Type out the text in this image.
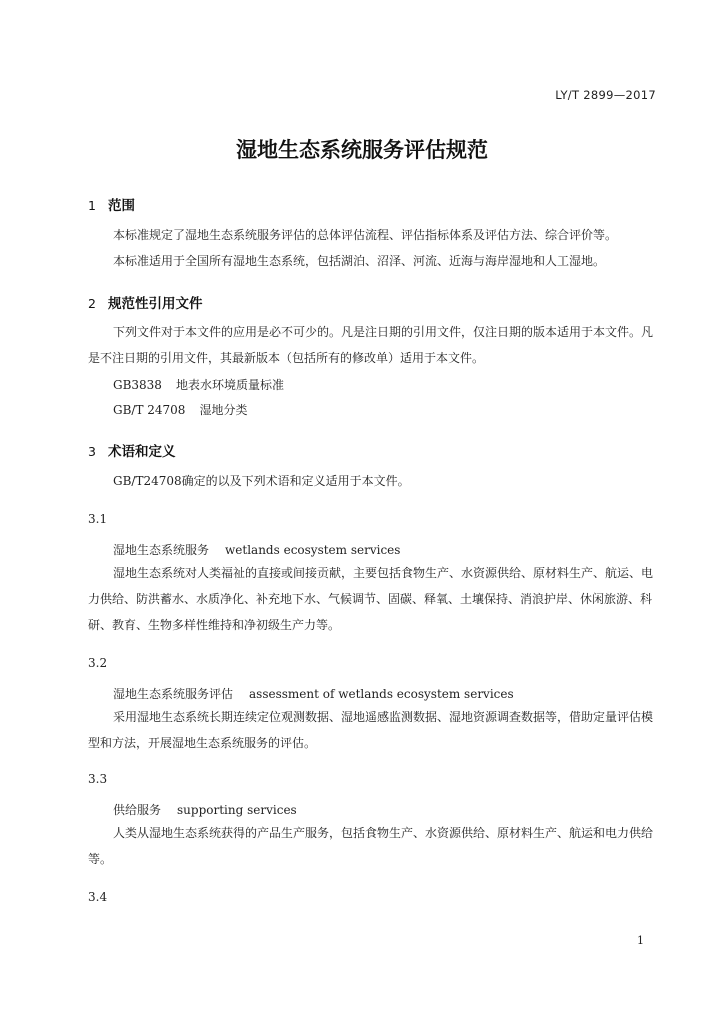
LY/T 2899—2017
湿地生态系统服务评估规范
1 范围
本标准规定了湿地生态系统服务评估的总体评估流程、评估指标体系及评估方法、综合评价等。
本标准适用于全国所有湿地生态系统，包括湖泊、沼泽、河流、近海与海岸湿地和人工湿地。
2 规范性引用文件
下列文件对于本文件的应用是必不可少的。凡是注日期的引用文件，仅注日期的版本适用于本文件。凡是不注日期的引用文件，其最新版本（包括所有的修改单）适用于本文件。
GB3838 地表水环境质量标准
GB/T 24708 湿地分类
3 术语和定义
GB/T24708确定的以及下列术语和定义适用于本文件。
3.1
湿地生态系统服务 wetlands ecosystem services
湿地生态系统对人类福祉的直接或间接贡献，主要包括食物生产、水资源供给、原材料生产、航运、电力供给、防洪蓄水、水质净化、补充地下水、气候调节、固碳、释氧、土壤保持、消浪护岸、休闲旅游、科研、教育、生物多样性维持和净初级生产力等。
3.2
湿地生态系统服务评估 assessment of wetlands ecosystem services
采用湿地生态系统长期连续定位观测数据、湿地遥感监测数据、湿地资源调查数据等，借助定量评估模型和方法，开展湿地生态系统服务的评估。
3.3
供给服务 supporting services
人类从湿地生态系统获得的产品生产服务，包括食物生产、水资源供给、原材料生产、航运和电力供给等。
3.4
1
